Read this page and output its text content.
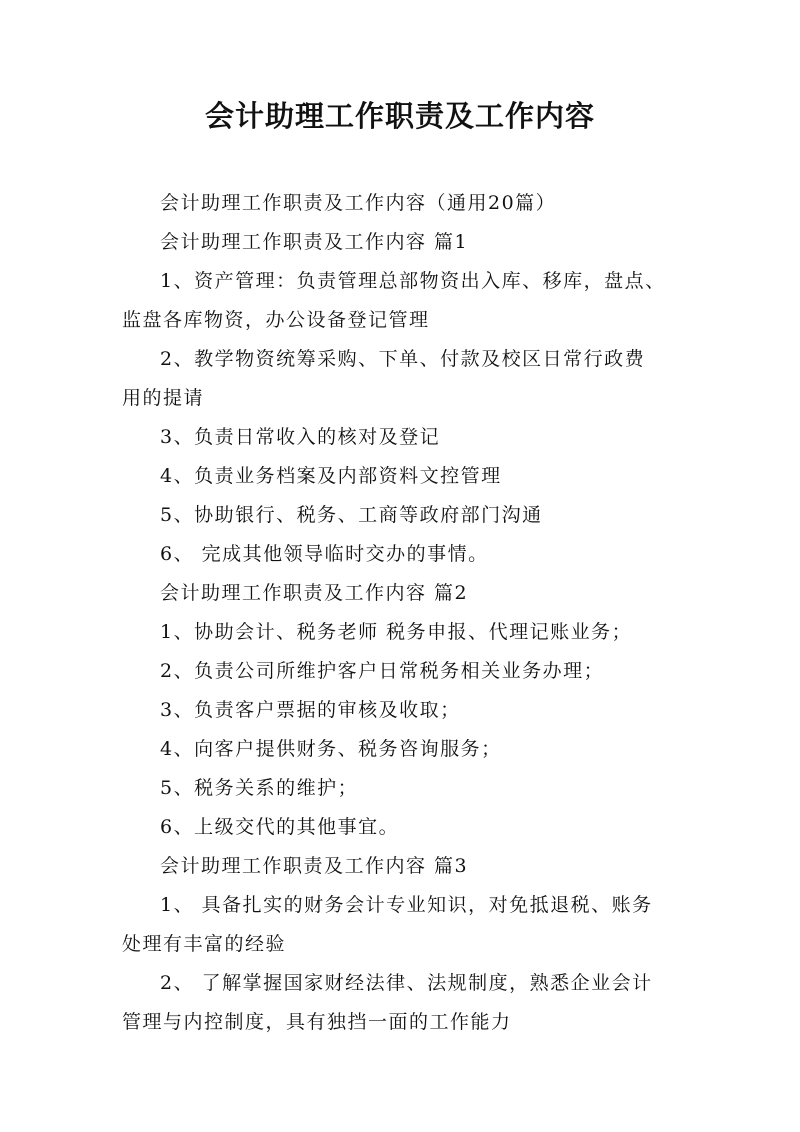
会计助理工作职责及工作内容

会计助理工作职责及工作内容（通用20篇）

会计助理工作职责及工作内容 篇1

1、资产管理：负责管理总部物资出入库、移库，盘点、
监盘各库物资，办公设备登记管理

2、教学物资统筹采购、下单、付款及校区日常行政费
用的提请

3、负责日常收入的核对及登记

4、负责业务档案及内部资料文控管理

5、协助银行、税务、工商等政府部门沟通

6、 完成其他领导临时交办的事情。

会计助理工作职责及工作内容 篇2

1、协助会计、税务老师 税务申报、代理记账业务；

2、负责公司所维护客户日常税务相关业务办理；

3、负责客户票据的审核及收取；

4、向客户提供财务、税务咨询服务；

5、税务关系的维护；

6、上级交代的其他事宜。

会计助理工作职责及工作内容 篇3

1、 具备扎实的财务会计专业知识，对免抵退税、账务
处理有丰富的经验

2、 了解掌握国家财经法律、法规制度，熟悉企业会计
管理与内控制度，具有独挡一面的工作能力
